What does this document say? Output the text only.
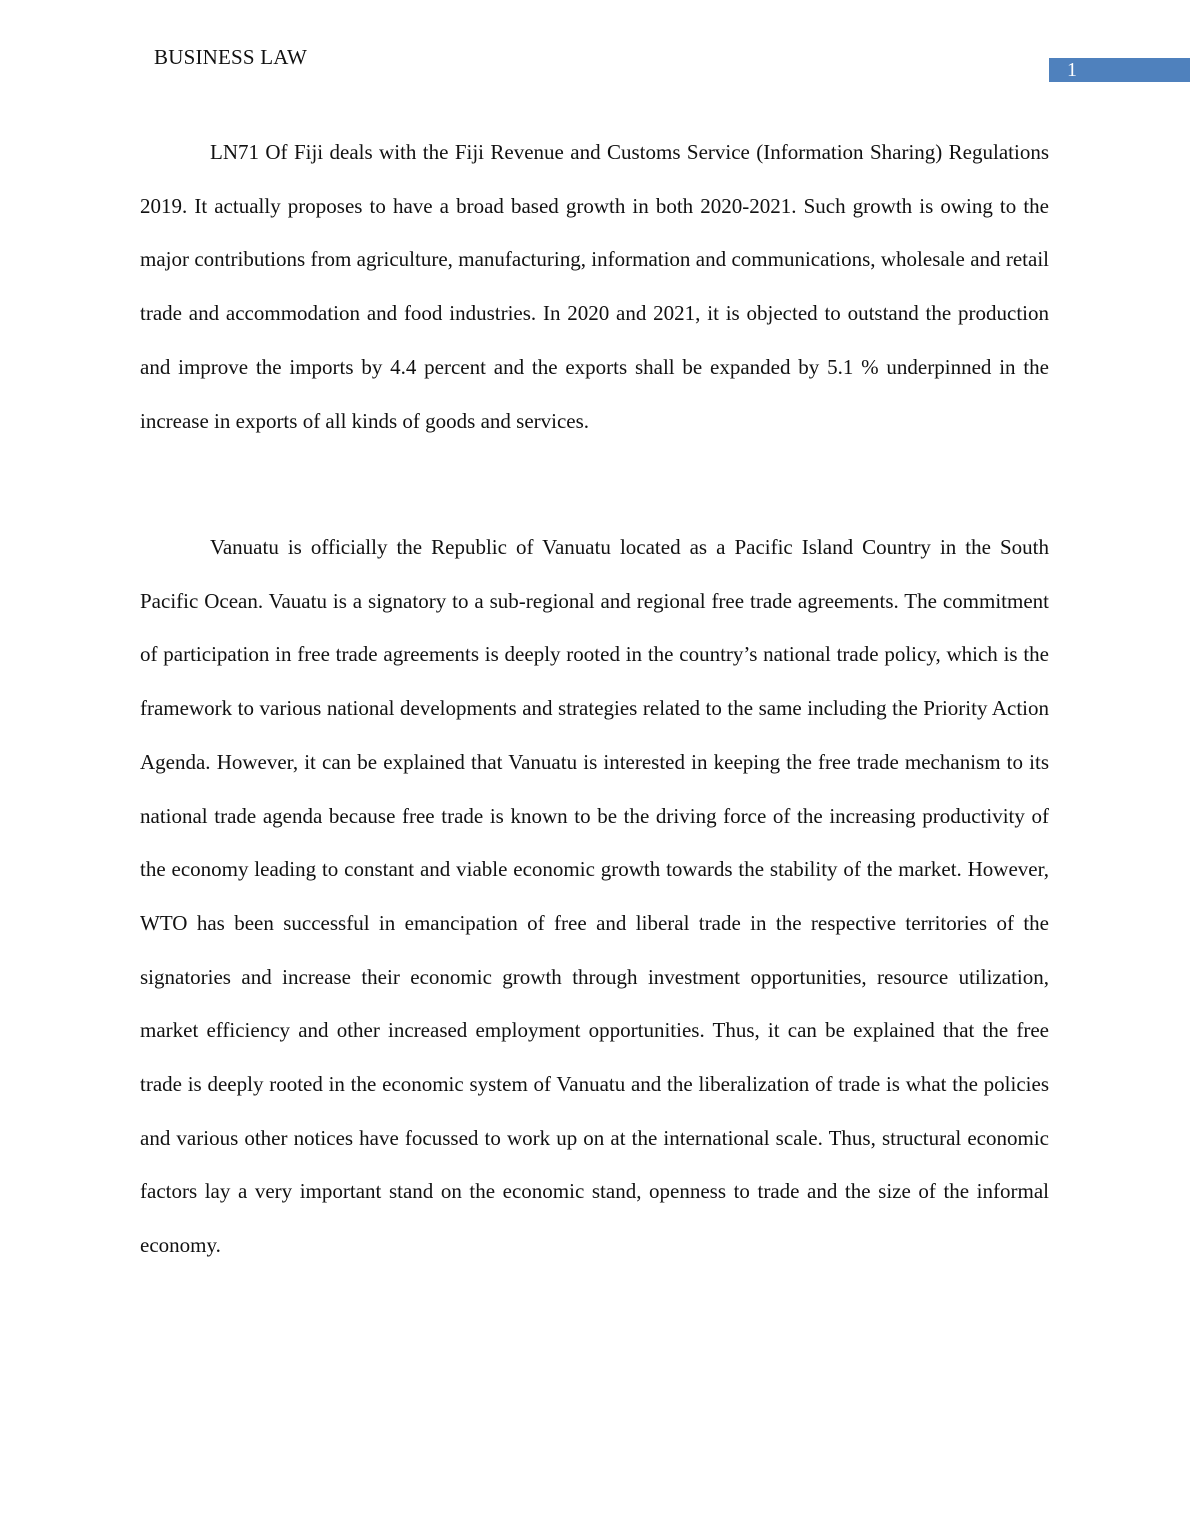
BUSINESS LAW
1

LN71 Of Fiji deals with the Fiji Revenue and Customs Service (Information Sharing) Regulations 2019. It actually proposes to have a broad based growth in both 2020-2021. Such growth is owing to the major contributions from agriculture, manufacturing, information and communications, wholesale and retail trade and accommodation and food industries. In 2020 and 2021, it is objected to outstand the production and improve the imports by 4.4 percent and the exports shall be expanded by 5.1 % underpinned in the increase in exports of all kinds of goods and services.

Vanuatu is officially the Republic of Vanuatu located as a Pacific Island Country in the South Pacific Ocean. Vauatu is a signatory to a sub-regional and regional free trade agreements. The commitment of participation in free trade agreements is deeply rooted in the country’s national trade policy, which is the framework to various national developments and strategies related to the same including the Priority Action Agenda. However, it can be explained that Vanuatu is interested in keeping the free trade mechanism to its national trade agenda because free trade is known to be the driving force of the increasing productivity of the economy leading to constant and viable economic growth towards the stability of the market. However, WTO has been successful in emancipation of free and liberal trade in the respective territories of the signatories and increase their economic growth through investment opportunities, resource utilization, market efficiency and other increased employment opportunities. Thus, it can be explained that the free trade is deeply rooted in the economic system of Vanuatu and the liberalization of trade is what the policies and various other notices have focussed to work up on at the international scale. Thus, structural economic factors lay a very important stand on the economic stand, openness to trade and the size of the informal economy.
